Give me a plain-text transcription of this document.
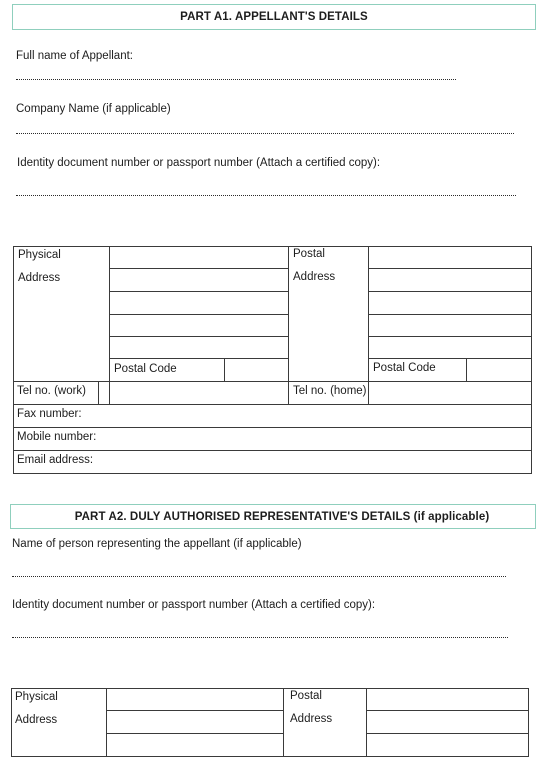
PART A1. APPELLANT'S DETAILS
Full name of Appellant:
Company Name (if applicable)
Identity document number or passport number (Attach a certified copy):
Physical
Address
Postal
Address
Postal Code	Postal Code
Tel no. (work)	Tel no. (home)
Fax number:
Mobile number:
Email address:
PART A2. DULY AUTHORISED REPRESENTATIVE'S DETAILS (if applicable)
Name of person representing the appellant (if applicable)
Identity document number or passport number (Attach a certified copy):
Physical
Address
Postal
Address
